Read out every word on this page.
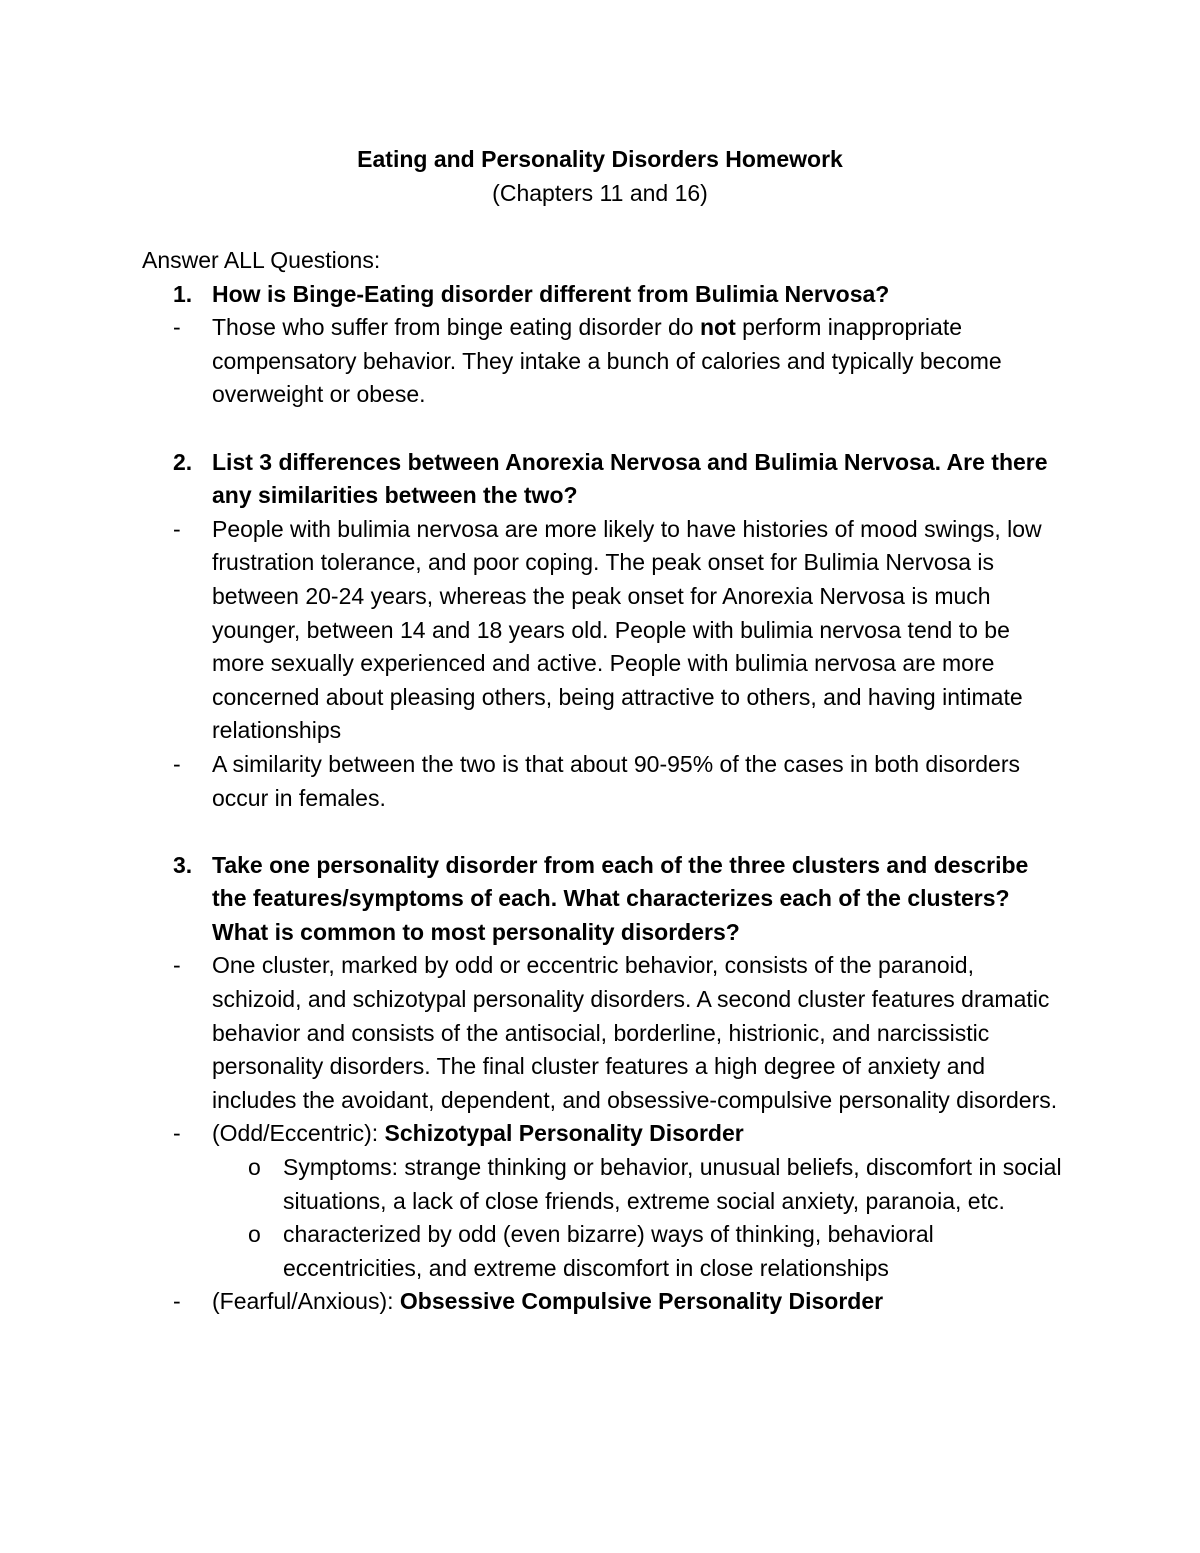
Eating and Personality Disorders Homework
(Chapters 11 and 16)

Answer ALL Questions:

1. How is Binge-Eating disorder different from Bulimia Nervosa?

- Those who suffer from binge eating disorder do not perform inappropriate compensatory behavior. They intake a bunch of calories and typically become overweight or obese.

2. List 3 differences between Anorexia Nervosa and Bulimia Nervosa. Are there any similarities between the two?

- People with bulimia nervosa are more likely to have histories of mood swings, low frustration tolerance, and poor coping. The peak onset for Bulimia Nervosa is between 20-24 years, whereas the peak onset for Anorexia Nervosa is much younger, between 14 and 18 years old. People with bulimia nervosa tend to be more sexually experienced and active. People with bulimia nervosa are more concerned about pleasing others, being attractive to others, and having intimate relationships

- A similarity between the two is that about 90-95% of the cases in both disorders occur in females.

3. Take one personality disorder from each of the three clusters and describe the features/symptoms of each. What characterizes each of the clusters? What is common to most personality disorders?

- One cluster, marked by odd or eccentric behavior, consists of the paranoid, schizoid, and schizotypal personality disorders. A second cluster features dramatic behavior and consists of the antisocial, borderline, histrionic, and narcissistic personality disorders. The final cluster features a high degree of anxiety and includes the avoidant, dependent, and obsessive-compulsive personality disorders.

- (Odd/Eccentric): Schizotypal Personality Disorder

o Symptoms: strange thinking or behavior, unusual beliefs, discomfort in social situations, a lack of close friends, extreme social anxiety, paranoia, etc.

o characterized by odd (even bizarre) ways of thinking, behavioral eccentricities, and extreme discomfort in close relationships

- (Fearful/Anxious): Obsessive Compulsive Personality Disorder
